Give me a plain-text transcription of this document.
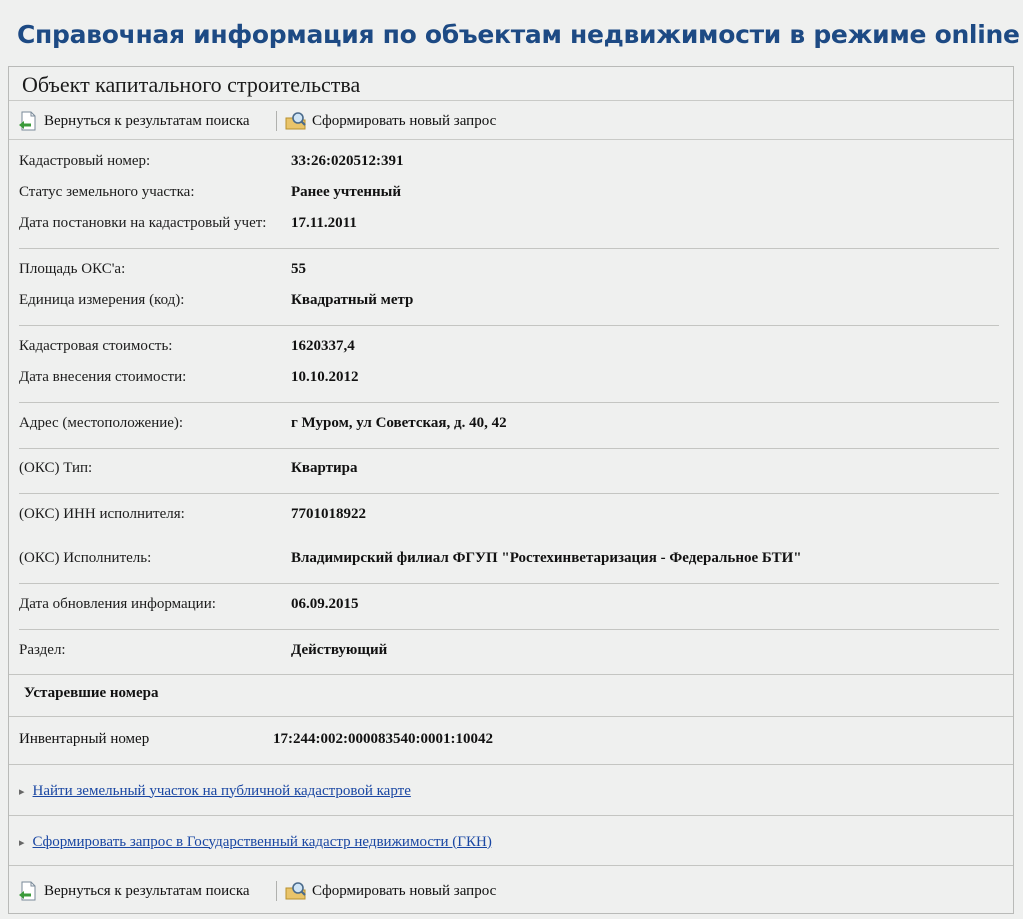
Справочная информация по объектам недвижимости в режиме online
Объект капитального строительства
Вернуться к результатам поиска	Сформировать новый запрос
Кадастровый номер:	33:26:020512:391
Статус земельного участка:	Ранее учтенный
Дата постановки на кадастровый учет: 17.11.2011
Площадь ОКС'а:	55
Единица измерения (код):	Квадратный метр
Кадастровая стоимость:	1620337,4
Дата внесения стоимости:	10.10.2012
Адрес (местоположение):	г Муром, ул Советская, д. 40, 42
(ОКС) Тип:	Квартира
(ОКС) ИНН исполнителя:	7701018922
(ОКС) Исполнитель:	Владимирский филиал ФГУП "Ростехинветаризация - Федеральное БТИ"
Дата обновления информации:	06.09.2015
Раздел:	Действующий
Устаревшие номера
Инвентарный номер	17:244:002:000083540:0001:10042
▸ Найти земельный участок на публичной кадастровой карте
▸ Сформировать запрос в Государственный кадастр недвижимости (ГКН)
Вернуться к результатам поиска	Сформировать новый запрос
